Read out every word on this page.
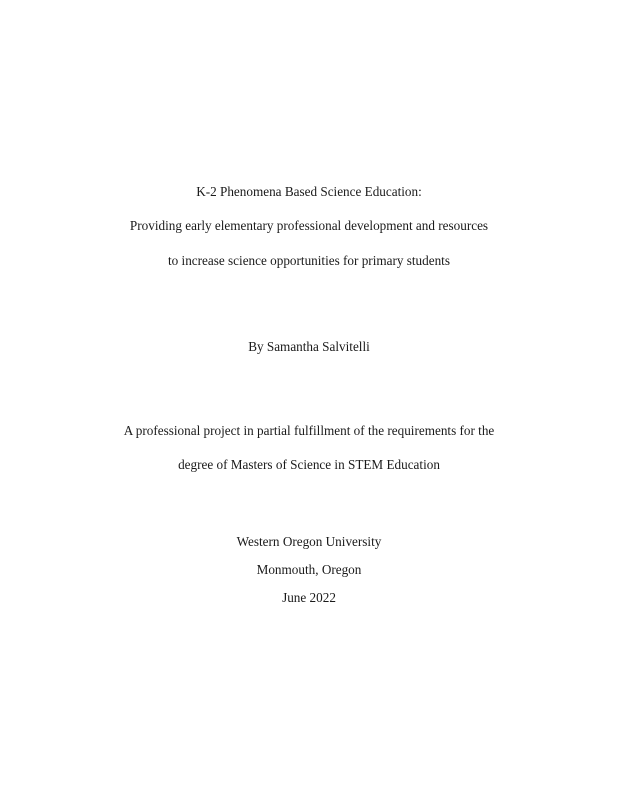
K-2 Phenomena Based Science Education:
Providing early elementary professional development and resources
to increase science opportunities for primary students
By Samantha Salvitelli
A professional project in partial fulfillment of the requirements for the
degree of Masters of Science in STEM Education
Western Oregon University
Monmouth, Oregon
June 2022
